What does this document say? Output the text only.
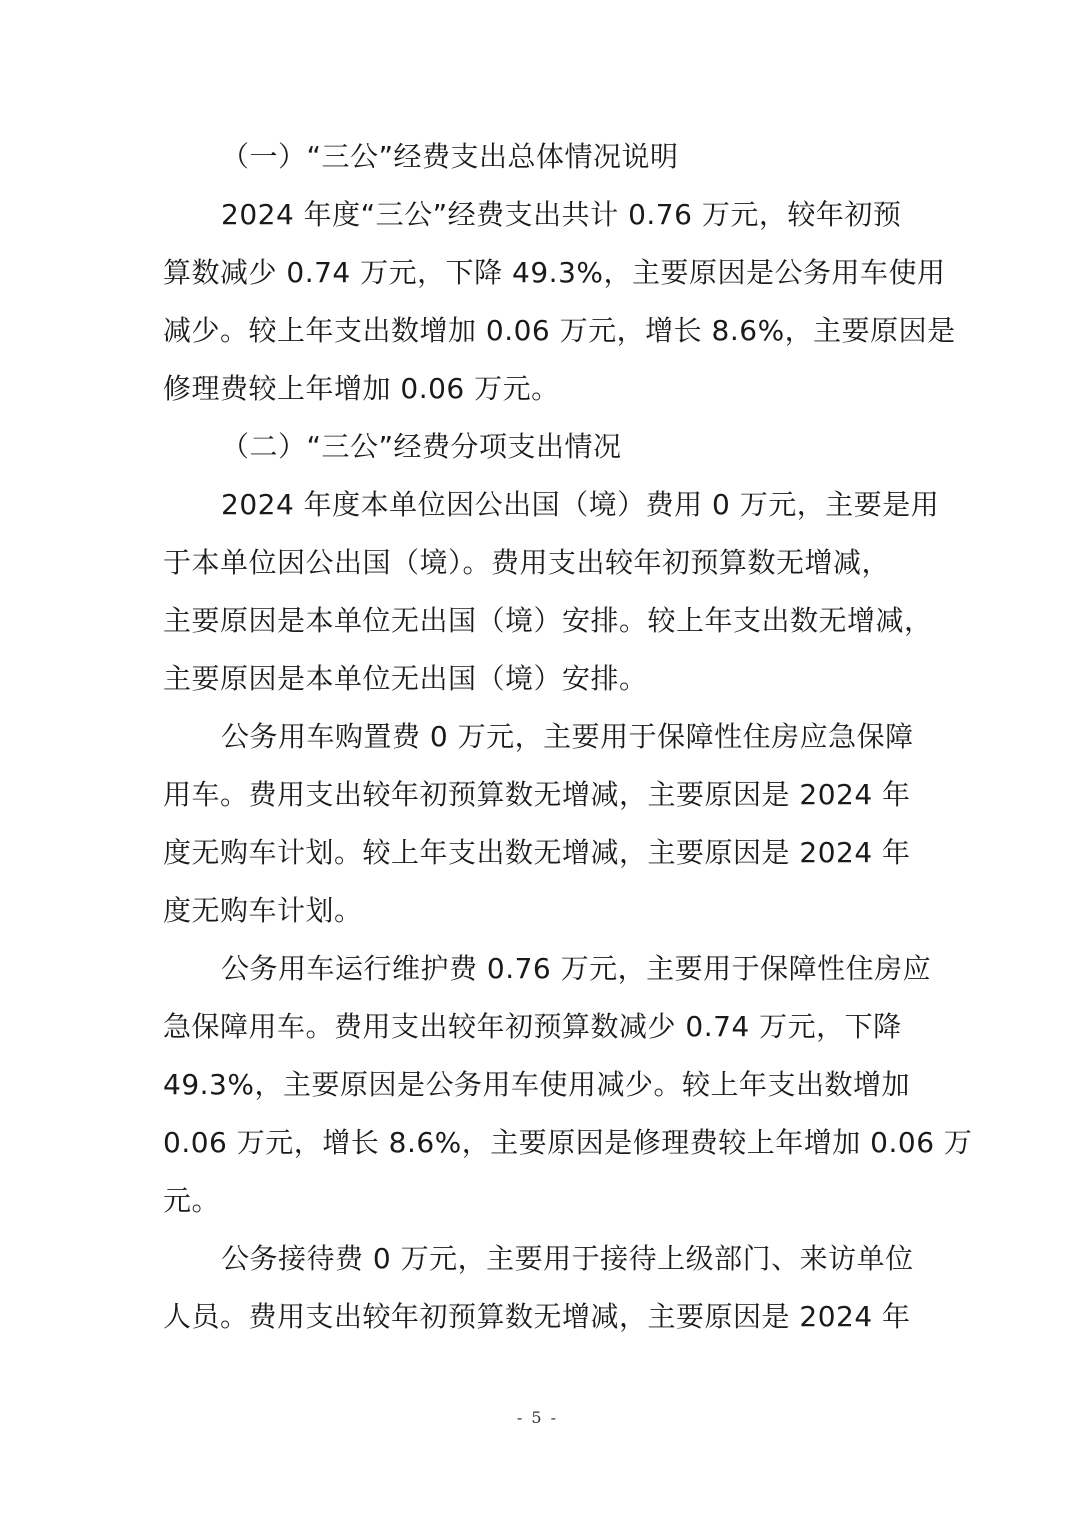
（一）“三公”经费支出总体情况说明
2024 年度“三公”经费支出共计 0.76 万元，较年初预
算数减少 0.74 万元，下降 49.3%，主要原因是公务用车使用
减少。较上年支出数增加 0.06 万元，增长 8.6%，主要原因是
修理费较上年增加 0.06 万元。
（二）“三公”经费分项支出情况
2024 年度本单位因公出国（境）费用 0 万元，主要是用
于本单位因公出国（境）。费用支出较年初预算数无增减，
主要原因是本单位无出国（境）安排。较上年支出数无增减，
主要原因是本单位无出国（境）安排。
公务用车购置费 0 万元，主要用于保障性住房应急保障
用车。费用支出较年初预算数无增减，主要原因是 2024 年
度无购车计划。较上年支出数无增减，主要原因是 2024 年
度无购车计划。
公务用车运行维护费 0.76 万元，主要用于保障性住房应
急保障用车。费用支出较年初预算数减少 0.74 万元，下降
49.3%，主要原因是公务用车使用减少。较上年支出数增加
0.06 万元，增长 8.6%，主要原因是修理费较上年增加 0.06 万
元。
公务接待费 0 万元，主要用于接待上级部门、来访单位
人员。费用支出较年初预算数无增减，主要原因是 2024 年
- 5 -
